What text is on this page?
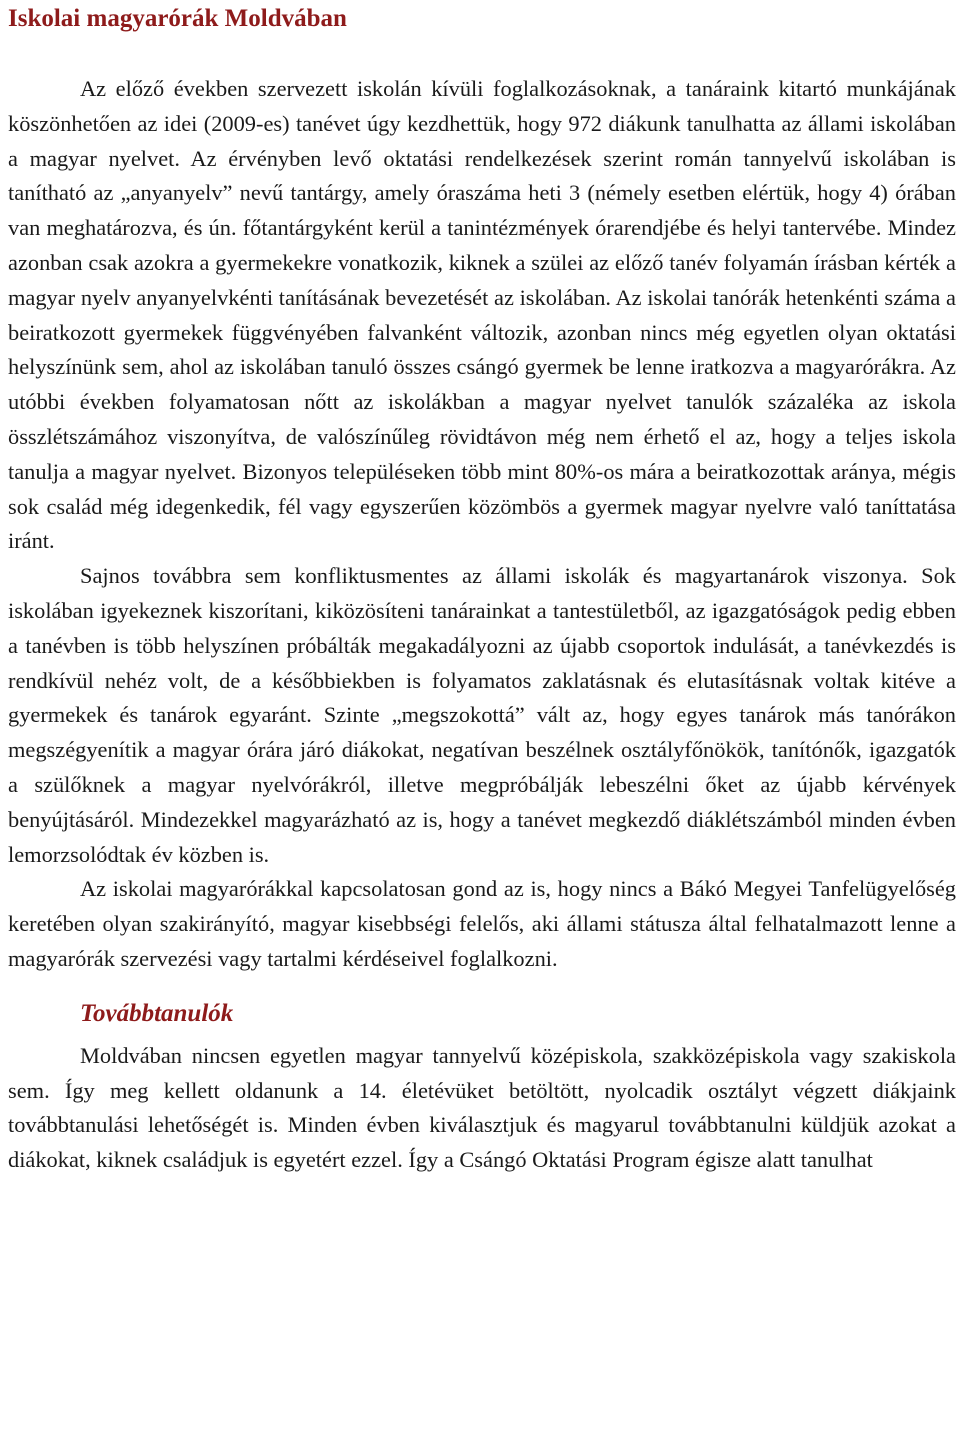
Iskolai magyarórák Moldvában

Az előző években szervezett iskolán kívüli foglalkozásoknak, a tanáraink kitartó munkájának köszönhetően az idei (2009-es) tanévet úgy kezdhettük, hogy 972 diákunk tanulhatta az állami iskolában a magyar nyelvet. Az érvényben levő oktatási rendelkezések szerint román tannyelvű iskolában is tanítható az „anyanyelv” nevű tantárgy, amely óraszáma heti 3 (némely esetben elértük, hogy 4) órában van meghatározva, és ún. főtantárgyként kerül a tanintézmények órarendjébe és helyi tantervébe. Mindez azonban csak azokra a gyermekekre vonatkozik, kiknek a szülei az előző tanév folyamán írásban kérték a magyar nyelv anyanyelvkénti tanításának bevezetését az iskolában. Az iskolai tanórák hetenkénti száma a beiratkozott gyermekek függvényében falvanként változik, azonban nincs még egyetlen olyan oktatási helyszínünk sem, ahol az iskolában tanuló összes csángó gyermek be lenne iratkozva a magyarórákra. Az utóbbi években folyamatosan nőtt az iskolákban a magyar nyelvet tanulók százaléka az iskola összlétszámához viszonyítva, de valószínűleg rövidtávon még nem érhető el az, hogy a teljes iskola tanulja a magyar nyelvet. Bizonyos településeken több mint 80%-os mára a beiratkozottak aránya, mégis sok család még idegenkedik, fél vagy egyszerűen közömbös a gyermek magyar nyelvre való taníttatása iránt.

Sajnos továbbra sem konfliktusmentes az állami iskolák és magyartanárok viszonya. Sok iskolában igyekeznek kiszorítani, kiközösíteni tanárainkat a tantestületből, az igazgatóságok pedig ebben a tanévben is több helyszínen próbálták megakadályozni az újabb csoportok indulását, a tanévkezdés is rendkívül nehéz volt, de a későbbiekben is folyamatos zaklatásnak és elutasításnak voltak kitéve a gyermekek és tanárok egyaránt. Szinte „megszokottá” vált az, hogy egyes tanárok más tanórákon megszégyenítik a magyar órára járó diákokat, negatívan beszélnek osztályfőnökök, tanítónők, igazgatók a szülőknek a magyar nyelvórákról, illetve megpróbálják lebeszélni őket az újabb kérvények benyújtásáról. Mindezekkel magyarázható az is, hogy a tanévet megkezdő diáklétszámból minden évben lemorzsolódtak év közben is.

Az iskolai magyarórákkal kapcsolatosan gond az is, hogy nincs a Bákó Megyei Tanfelügyelőség keretében olyan szakirányító, magyar kisebbségi felelős, aki állami státusza által felhatalmazott lenne a magyarórák szervezési vagy tartalmi kérdéseivel foglalkozni.

Továbbtanulók

Moldvában nincsen egyetlen magyar tannyelvű középiskola, szakközépiskola vagy szakiskola sem. Így meg kellett oldanunk a 14. életévüket betöltött, nyolcadik osztályt végzett diákjaink továbbtanulási lehetőségét is. Minden évben kiválasztjuk és magyarul továbbtanulni küldjük azokat a diákokat, kiknek családjuk is egyetért ezzel. Így a Csángó Oktatási Program égisze alatt tanulhat
